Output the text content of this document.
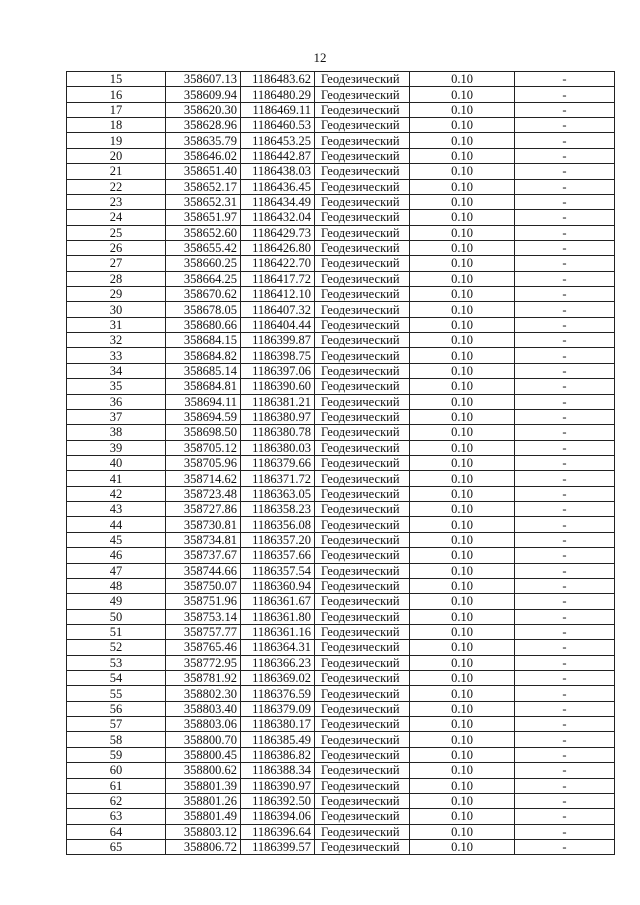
12
15	358607.13	1186483.62	Геодезический	0.10	-
16	358609.94	1186480.29	Геодезический	0.10	-
17	358620.30	1186469.11	Геодезический	0.10	-
18	358628.96	1186460.53	Геодезический	0.10	-
19	358635.79	1186453.25	Геодезический	0.10	-
20	358646.02	1186442.87	Геодезический	0.10	-
21	358651.40	1186438.03	Геодезический	0.10	-
22	358652.17	1186436.45	Геодезический	0.10	-
23	358652.31	1186434.49	Геодезический	0.10	-
24	358651.97	1186432.04	Геодезический	0.10	-
25	358652.60	1186429.73	Геодезический	0.10	-
26	358655.42	1186426.80	Геодезический	0.10	-
27	358660.25	1186422.70	Геодезический	0.10	-
28	358664.25	1186417.72	Геодезический	0.10	-
29	358670.62	1186412.10	Геодезический	0.10	-
30	358678.05	1186407.32	Геодезический	0.10	-
31	358680.66	1186404.44	Геодезический	0.10	-
32	358684.15	1186399.87	Геодезический	0.10	-
33	358684.82	1186398.75	Геодезический	0.10	-
34	358685.14	1186397.06	Геодезический	0.10	-
35	358684.81	1186390.60	Геодезический	0.10	-
36	358694.11	1186381.21	Геодезический	0.10	-
37	358694.59	1186380.97	Геодезический	0.10	-
38	358698.50	1186380.78	Геодезический	0.10	-
39	358705.12	1186380.03	Геодезический	0.10	-
40	358705.96	1186379.66	Геодезический	0.10	-
41	358714.62	1186371.72	Геодезический	0.10	-
42	358723.48	1186363.05	Геодезический	0.10	-
43	358727.86	1186358.23	Геодезический	0.10	-
44	358730.81	1186356.08	Геодезический	0.10	-
45	358734.81	1186357.20	Геодезический	0.10	-
46	358737.67	1186357.66	Геодезический	0.10	-
47	358744.66	1186357.54	Геодезический	0.10	-
48	358750.07	1186360.94	Геодезический	0.10	-
49	358751.96	1186361.67	Геодезический	0.10	-
50	358753.14	1186361.80	Геодезический	0.10	-
51	358757.77	1186361.16	Геодезический	0.10	-
52	358765.46	1186364.31	Геодезический	0.10	-
53	358772.95	1186366.23	Геодезический	0.10	-
54	358781.92	1186369.02	Геодезический	0.10	-
55	358802.30	1186376.59	Геодезический	0.10	-
56	358803.40	1186379.09	Геодезический	0.10	-
57	358803.06	1186380.17	Геодезический	0.10	-
58	358800.70	1186385.49	Геодезический	0.10	-
59	358800.45	1186386.82	Геодезический	0.10	-
60	358800.62	1186388.34	Геодезический	0.10	-
61	358801.39	1186390.97	Геодезический	0.10	-
62	358801.26	1186392.50	Геодезический	0.10	-
63	358801.49	1186394.06	Геодезический	0.10	-
64	358803.12	1186396.64	Геодезический	0.10	-
65	358806.72	1186399.57	Геодезический	0.10	-
